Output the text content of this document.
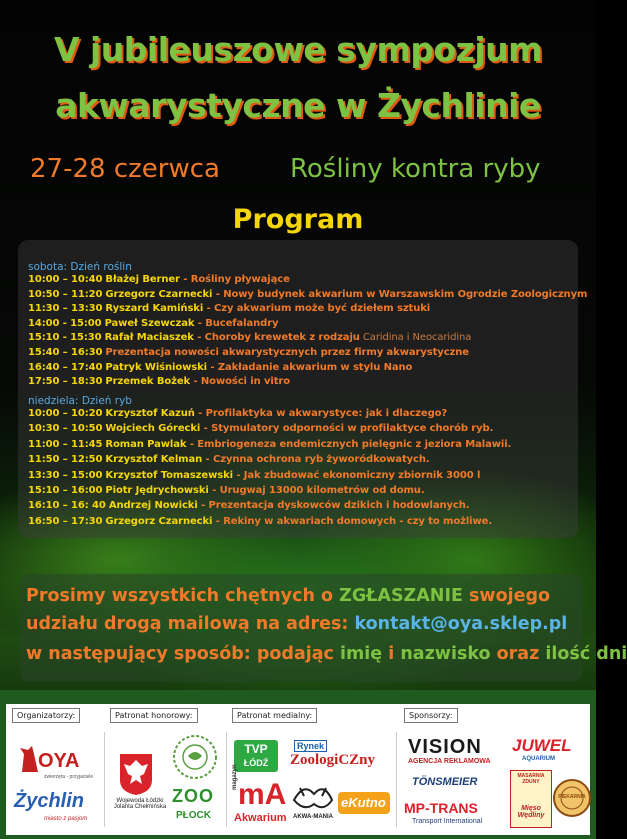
V jubileuszowe sympozjum
akwarystyczne w Żychlinie
27-28 czerwca	Rośliny kontra ryby
Program
sobota: Dzień roślin
10:00 – 10:40 Błażej Berner - Rośliny pływające
10:50 – 11:20 Grzegorz Czarnecki - Nowy budynek akwarium w Warszawskim Ogrodzie Zoologicznym
11:30 – 13:30 Ryszard Kamiński - Czy akwarium może być dziełem sztuki
14:00 - 15:00 Paweł Szewczak - Bucefalandry
15:10 - 15:30 Rafał Maciaszek - Choroby krewetek z rodzaju Caridina i Neocaridina
15:40 – 16:30 Prezentacja nowości akwarystycznych przez firmy akwarystyczne
16:40 – 17:40 Patryk Wiśniowski - Zakładanie akwarium w stylu Nano
17:50 – 18:30 Przemek Bożek - Nowości in vitro
niedziela: Dzień ryb
10:00 – 10:20 Krzysztof Kazuń - Profilaktyka w akwarystyce: jak i dlaczego?
10:30 – 10:50 Wojciech Górecki - Stymulatory odporności w profilaktyce chorób ryb.
11:00 – 11:45 Roman Pawlak - Embriogeneza endemicznych pielęgnic z jeziora Malawii.
11:50 – 12:50 Krzysztof Kelman - Czynna ochrona ryb żyworódkowatych.
13:30 – 15:00 Krzysztof Tomaszewski - Jak zbudować ekonomiczny zbiornik 3000 l
15:10 – 16:00 Piotr Jędrychowski - Urugwaj 13000 kilometrów od domu.
16:10 – 16: 40 Andrzej Nowicki - Prezentacja dyskowców dzikich i hodowlanych.
16:50 – 17:30 Grzegorz Czarnecki - Rekiny w akwariach domowych - czy to możliwe.
Prosimy wszystkich chętnych o ZGŁASZANIE swojego
udziału drogą mailową na adres: kontakt@oya.sklep.pl
w następujący sposób: podając imię i nazwisko oraz ilość dni
Organizatorzy:	Patronat honorowy:	Patronat medialny:	Sponsorzy:
OYA
zwierzęta - przyjaciele
Żychlin
miasto z pasjom
Wojewoda Łódzki
Jolanta Chełmińska
ZOO
PŁOCK
TVP
ŁÓDŹ
Rynek
ZoologiCZny
magazyn
mA
Akwarium	AKWA-MANIA
eKutno
VISION
AGENCJA REKLAMOWA
JUWEL
AQUARIUM
TÖNSMEIER
MP-TRANS
Transport International
MASARNIA ZDUNY
Mięso Wędliny
PIEKARNIA
